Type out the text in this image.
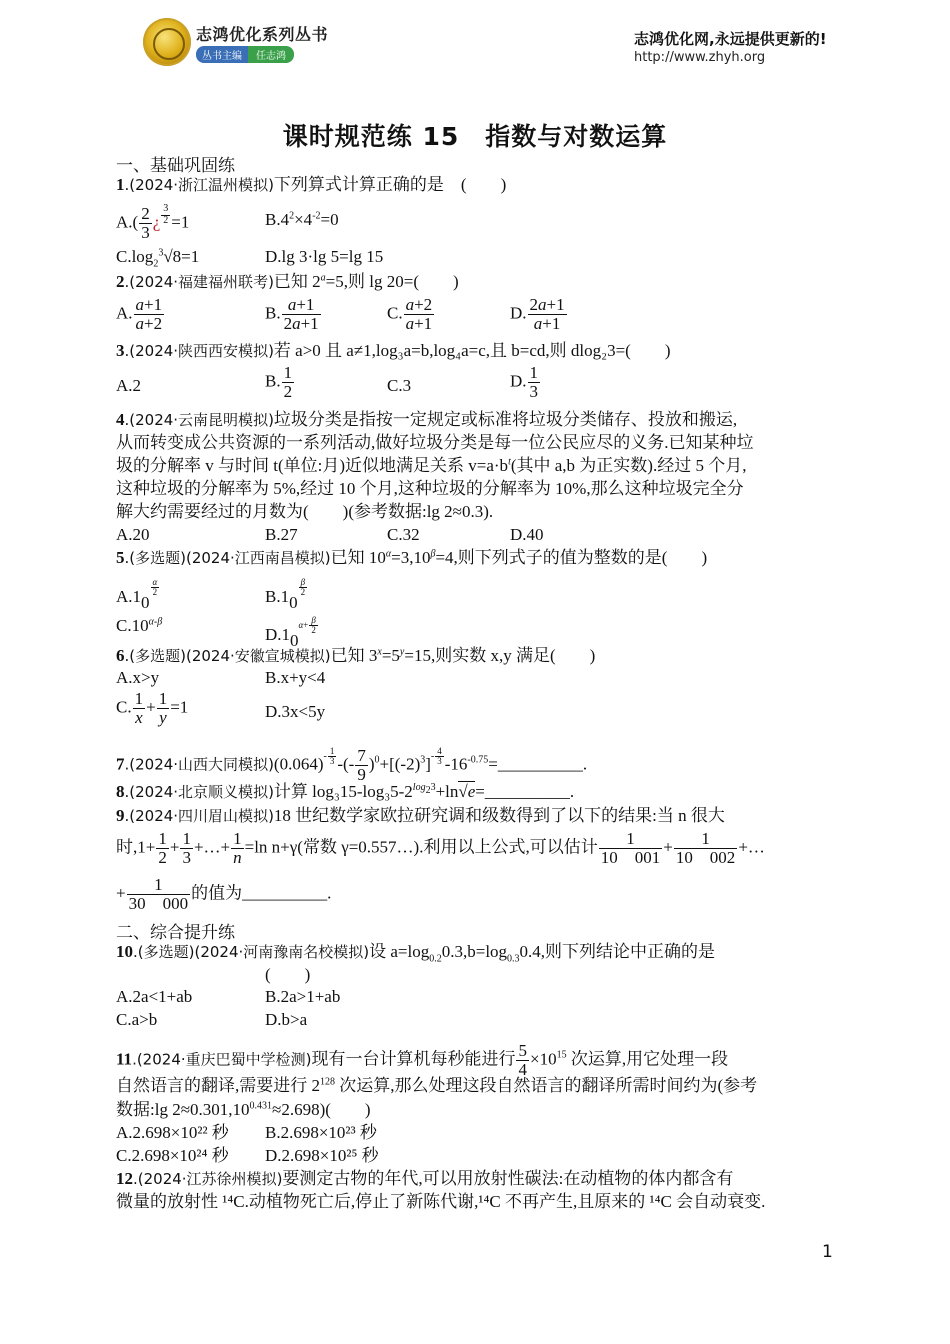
志鸿优化系列丛书
丛书主编 任志鸿
志鸿优化网,永远提供更新的!
http://www.zhyh.org
课时规范练 15　指数与对数运算
一、基础巩固练
1.(2024·浙江温州模拟)下列算式计算正确的是　(　　)
$A.( \frac{2}{3}$ ¿ $^{\frac{3}{2}}$ =1	$B.4^2\times 4^{-2}=0$
$C.\log_2^3√8=1$	D.lg 3·lg 5=lg 15
2.(2024·福建福州联考)已知 $2^a=5$,则 lg 20=(　　)
A. $\frac{a+1}{a+2}$	B. $\frac{a+1}{2a+1}$	C. $\frac{a+2}{a+1}$	D. $\frac{2a+1}{a+1}$
3.(2024·陕西西安模拟)若 a>0 且 a≠1,log₃a=b,log₄a=c,且 b=cd,则 dlog₂3=(　　)
A.2	B. $\frac{1}{2}$	C.3	D. $\frac{1}{3}$
4.(2024·云南昆明模拟)垃圾分类是指按一定规定或标准将垃圾分类储存、投放和搬运,
从而转变成公共资源的一系列活动,做好垃圾分类是每一位公民应尽的义务.已知某种垃
圾的分解率 v 与时间 t(单位:月)近似地满足关系 $v=a\cdot b^t$(其中 a,b 为正实数).经过 5 个月,
这种垃圾的分解率为 5%,经过 10 个月,这种垃圾的分解率为 10%,那么这种垃圾完全分
解大约需要经过的月数为(　　)(参考数据:lg 2≈0.3).
A.20	B.27	C.32	D.40
5.(多选题)(2024·江西南昌模拟)已知 $10^\alpha=3,10^\beta=4$,则下列式子的值为整数的是(　　)
$A.1_0$
$^{\frac{\alpha}{2}}$	$B.1_0$
$^{\frac{\beta}{2}}$
$C.10^{\alpha-\beta}$
$D.1_0^{\alpha+ \frac{\beta}{2}}$
6.(多选题)(2024·安徽宣城模拟)已知 $3^x=5^y=15$,则实数 x,y 满足(　　)
A.x>y	B.x+y<4
C. $\frac{1}{x} + \frac{1}{y} =1$	D.3x<5y
7.(2024·山西大同模拟)$(0.064)^{- \frac{1}{3}}$ -(- $\frac{7}{9} )^0+[(-2)^3]^{- \frac{4}{3}}$ $-16^{-0.75}=\_\_\_\_\_\_\_\_\_\_$.
8.(2024·北京顺义模拟)计算 $\log_315-\log_35-2^{log_23}+\ln√e=\_\_\_\_\_\_\_\_\_\_$.
9.(2024·四川眉山模拟)18 世纪数学家欧拉研究调和级数得到了以下的结果:当 n 很大
时$,1+ \frac{1}{2} + \frac{1}{3}$ +…+ $\frac{1}{n} =\ln$ n+γ(常数 γ=0.557…).利用以上公式,可以估计 $\frac{1}{10 001} + \frac{1}{10 002}$ +…
+ $\frac{1}{30 000}$ 的值为__________.
二、综合提升练
10.(多选题)(2024·河南豫南名校模拟)设 $a=\log_{0.2}0.3,b=\log_{0.3}0.4$,则下列结论中正确的是
(　　)
A.2a<1+ab	B.2a>1+ab
C.a>b	D.b>a
11.(2024·重庆巴蜀中学检测)现有一台计算机每秒能进行 $\frac{5}{4} \times 10^{15}$ 次运算,用它处理一段
自然语言的翻译,需要进行 $2^{128}$ 次运算,那么处理这段自然语言的翻译所需时间约为(参考
数据:lg $2\approx 0.301,10^{0.431}\approx 2.698$)(　　)
A.2.698×10²² 秒 B.2.698×10²³ 秒
C.2.698×10²⁴ 秒 D.2.698×10²⁵ 秒
12.(2024·江苏徐州模拟)要测定古物的年代,可以用放射性碳法:在动植物的体内都含有
微量的放射性 ¹⁴C.动植物死亡后,停止了新陈代谢,¹⁴C 不再产生,且原来的 ¹⁴C 会自动衰变.
1
